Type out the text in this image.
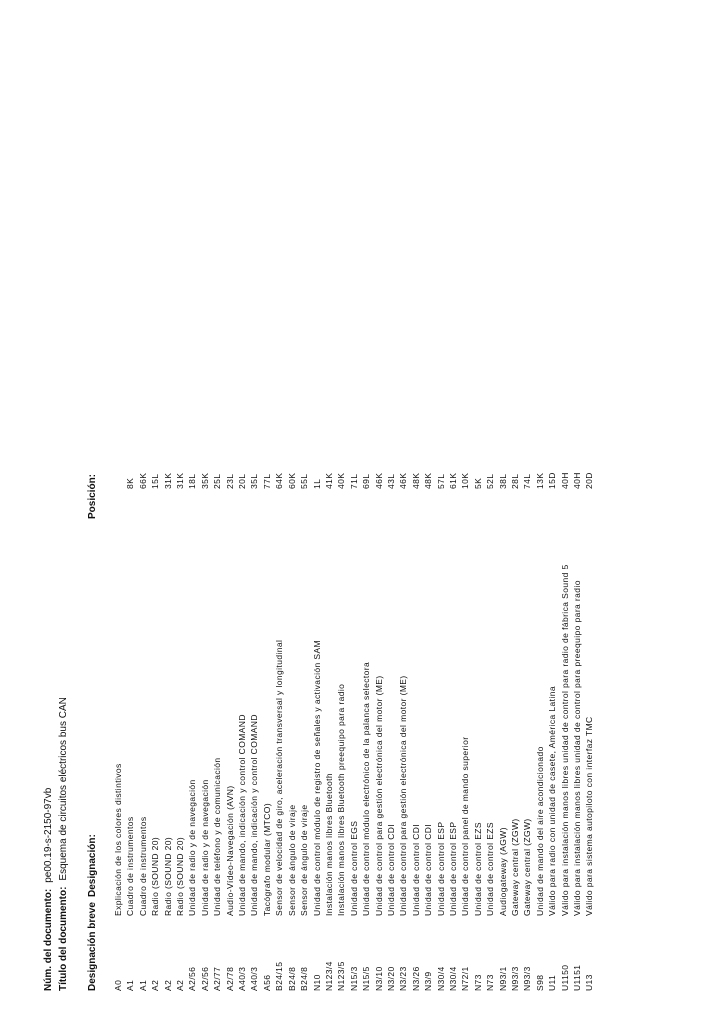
Núm. del documento:pe00.19-s-2150-97vb
Título del documento:Esquema de circuitos eléctricos bus CAN
Designación breve
Designación:
Posición:
A0
Explicación de los colores distintivos
A1
Cuadro de instrumentos
8K
A1
Cuadro de instrumentos
66K
A2
Radio (SOUND 20)
15L
A2
Radio (SOUND 20)
31K
A2
Radio (SOUND 20)
31K
A2/56
Unidad de radio y de navegación
18L
A2/56
Unidad de radio y de navegación
35K
A2/77
Unidad de teléfono y de comunicación
25L
A2/78
Audio-Vídeo-Navegación (AVN)
23L
A40/3
Unidad de mando, indicación y control COMAND
20L
A40/3
Unidad de mando, indicación y control COMAND
35L
A56
Tacógrafo modular (MTCO)
77L
B24/15
Sensor de velocidad de giro, aceleración transversal y longitudinal
64K
B24/8
Sensor de ángulo de viraje
60K
B24/8
Sensor de ángulo de viraje
55L
N10
Unidad de control módulo de registro de señales y activación SAM
1L
N123/4
Instalación manos libres Bluetooth
41K
N123/5
Instalación manos libres Bluetooth preequipo para radio
40K
N15/3
Unidad de control EGS
71L
N15/5
Unidad de control módulo electrónico de la palanca selectora
69L
N3/10
Unidad de control para gestión electrónica del motor (ME)
46K
N3/20
Unidad de control CDI
43L
N3/23
Unidad de control para gestión electrónica del motor (ME)
46K
N3/26
Unidad de control CDI
48K
N3/9
Unidad de control CDI
48K
N30/4
Unidad de control ESP
57L
N30/4
Unidad de control ESP
61K
N72/1
Unidad de control panel de mando superior
10K
N73
Unidad de control EZS
5K
N73
Unidad de control EZS
52L
N93/1
Audiogateway (AGW)
38L
N93/3
Gateway central (ZGW)
28L
N93/3
Gateway central (ZGW)
74L
S98
Unidad de mando del aire acondicionado
13K
U11
Válido para radio con unidad de casete, América Latina
15D
U1150
Válido para instalación manos libres unidad de control para radio de fábrica Sound 5
40H
U1151
Válido para instalación manos libres unidad de control para preequipo para radio
40H
U13
Válido para sistema autopiloto con interfaz TMC
20D
